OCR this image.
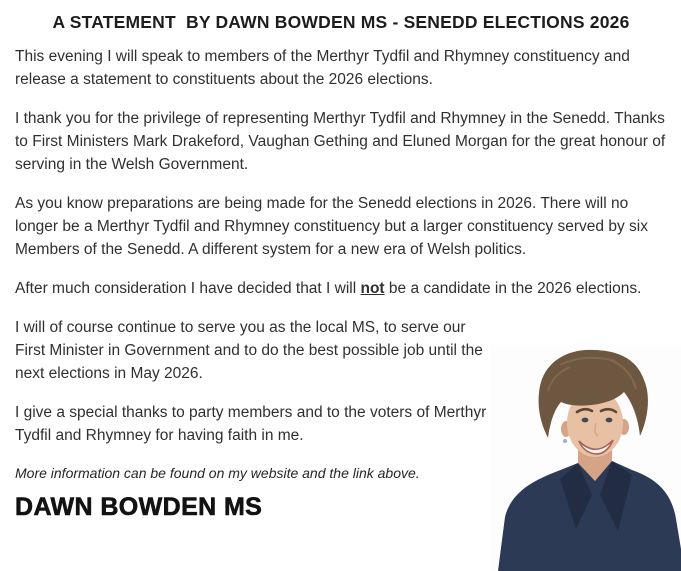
A STATEMENT  BY DAWN BOWDEN MS - SENEDD ELECTIONS 2026

This evening I will speak to members of the Merthyr Tydfil and Rhymney constituency and release a statement to constituents about the 2026 elections.

I thank you for the privilege of representing Merthyr Tydfil and Rhymney in the Senedd. Thanks to First Ministers Mark Drakeford, Vaughan Gething and Eluned Morgan for the great honour of serving in the Welsh Government.

As you know preparations are being made for the Senedd elections in 2026. There will no longer be a Merthyr Tydfil and Rhymney constituency but a larger constituency served by six Members of the Senedd. A different system for a new era of Welsh politics.

After much consideration I have decided that I will not be a candidate in the 2026 elections.

I will of course continue to serve you as the local MS, to serve our First Minister in Government and to do the best possible job until the next elections in May 2026.

I give a special thanks to party members and to the voters of Merthyr Tydfil and Rhymney for having faith in me.

More information can be found on my website and the link above.

DAWN BOWDEN MS
